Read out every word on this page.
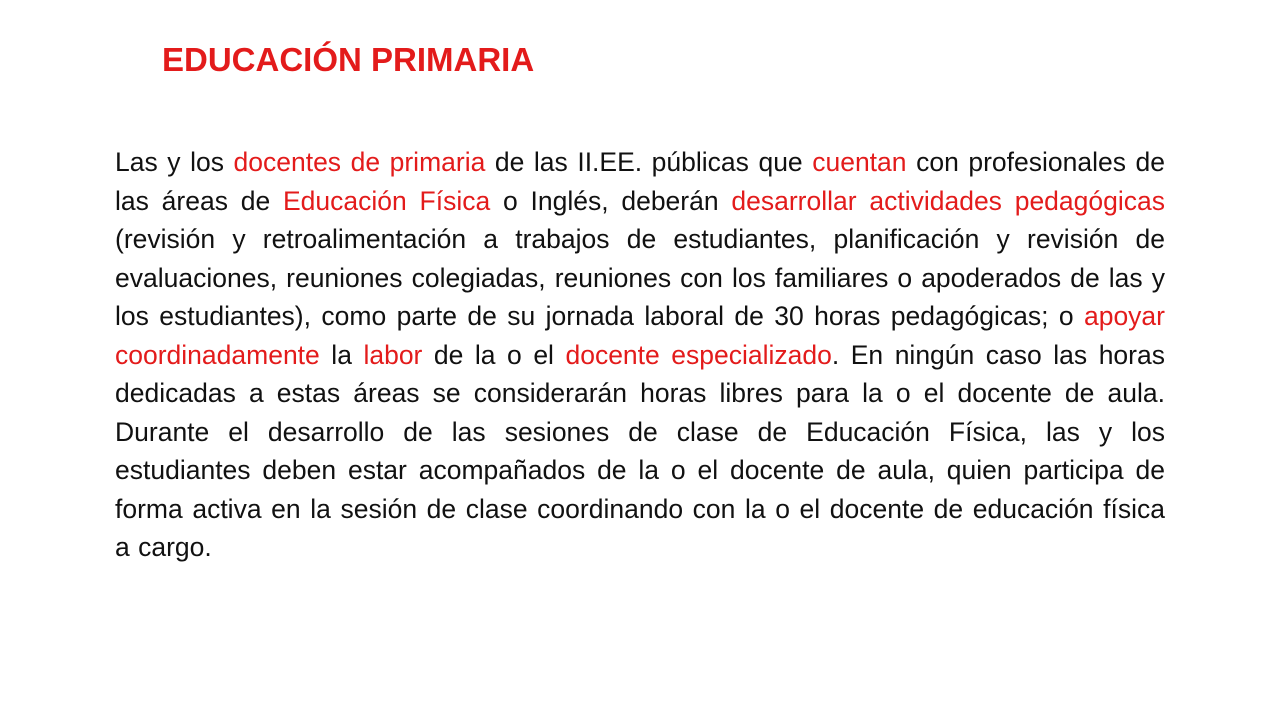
EDUCACIÓN PRIMARIA

Las y los docentes de primaria de las II.EE. públicas que cuentan con profesionales de las áreas de Educación Física o Inglés, deberán desarrollar actividades pedagógicas (revisión y retroalimentación a trabajos de estudiantes, planificación y revisión de evaluaciones, reuniones colegiadas, reuniones con los familiares o apoderados de las y los estudiantes), como parte de su jornada laboral de 30 horas pedagógicas; o apoyar coordinadamente la labor de la o el docente especializado. En ningún caso las horas dedicadas a estas áreas se considerarán horas libres para la o el docente de aula. Durante el desarrollo de las sesiones de clase de Educación Física, las y los estudiantes deben estar acompañados de la o el docente de aula, quien participa de forma activa en la sesión de clase coordinando con la o el docente de educación física a cargo.
